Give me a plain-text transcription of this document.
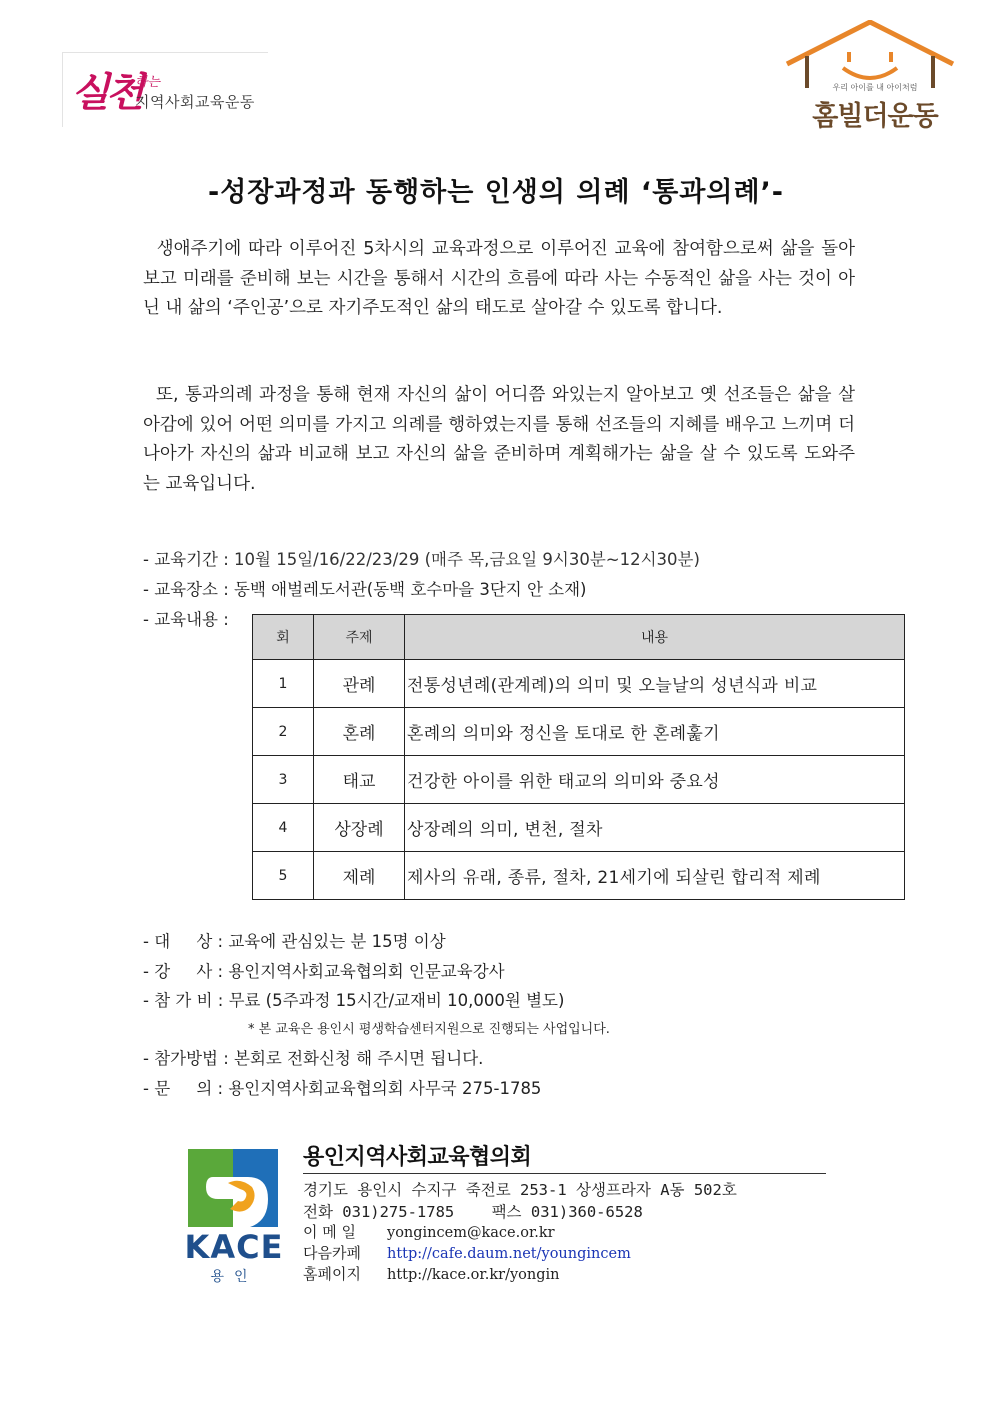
실천
하는
지역사회교육운동
우리 아이를 내 아이처럼
홈빌더운동
-성장과정과 동행하는 인생의 의례 ‘통과의례’-

생애주기에 따라 이루어진 5차시의 교육과정으로 이루어진 교육에 참여함으로써 삶을 돌아보고 미래를 준비해 보는 시간을 통해서 시간의 흐름에 따라 사는 수동적인 삶을 사는 것이 아닌 내 삶의 ‘주인공’으로 자기주도적인 삶의 태도로 살아갈 수 있도록 합니다.

또, 통과의례 과정을 통해 현재 자신의 삶이 어디쯤 와있는지 알아보고 옛 선조들은 삶을 살아감에 있어 어떤 의미를 가지고 의례를 행하였는지를 통해 선조들의 지혜를 배우고 느끼며 더 나아가 자신의 삶과 비교해 보고 자신의 삶을 준비하며 계획해가는 삶을 살 수 있도록 도와주는 교육입니다.

- 교육기간 : 10월 15일/16/22/23/29 (매주 목,금요일 9시30분~12시30분)
- 교육장소 : 동백 애벌레도서관(동백 호수마을 3단지 안 소재)
- 교육내용 :
회	주제	내용
1	관례	전통성년례(관계례)의 의미 및 오늘날의 성년식과 비교
2	혼례	혼례의 의미와 정신을 토대로 한 혼례훑기
3	태교	건강한 아이를 위한 태교의 의미와 중요성
4	상장례	상장례의 의미, 변천, 절차
5	제례	제사의 유래, 종류, 절차, 21세기에 되살린 합리적 제례
- 대     상 : 교육에 관심있는 분 15명 이상
- 강     사 : 용인지역사회교육협의회 인문교육강사
- 참 가 비 : 무료 (5주과정 15시간/교재비 10,000원 별도)
* 본 교육은 용인시 평생학습센터지원으로 진행되는 사업입니다.
- 참가방법 : 본회로 전화신청 해 주시면 됩니다.
- 문     의 : 용인지역사회교육협의회 사무국 275-1785
KACE
용인
용인지역사회교육협의회
경기도 용인시 수지구 죽전로 253-1 상생프라자 A동 502호
전화 031)275-1785    팩스 031)360-6528
이 메 일 yongincem@kace.or.kr
다음카페 http://cafe.daum.net/youngincem
홈페이지 http://kace.or.kr/yongin
